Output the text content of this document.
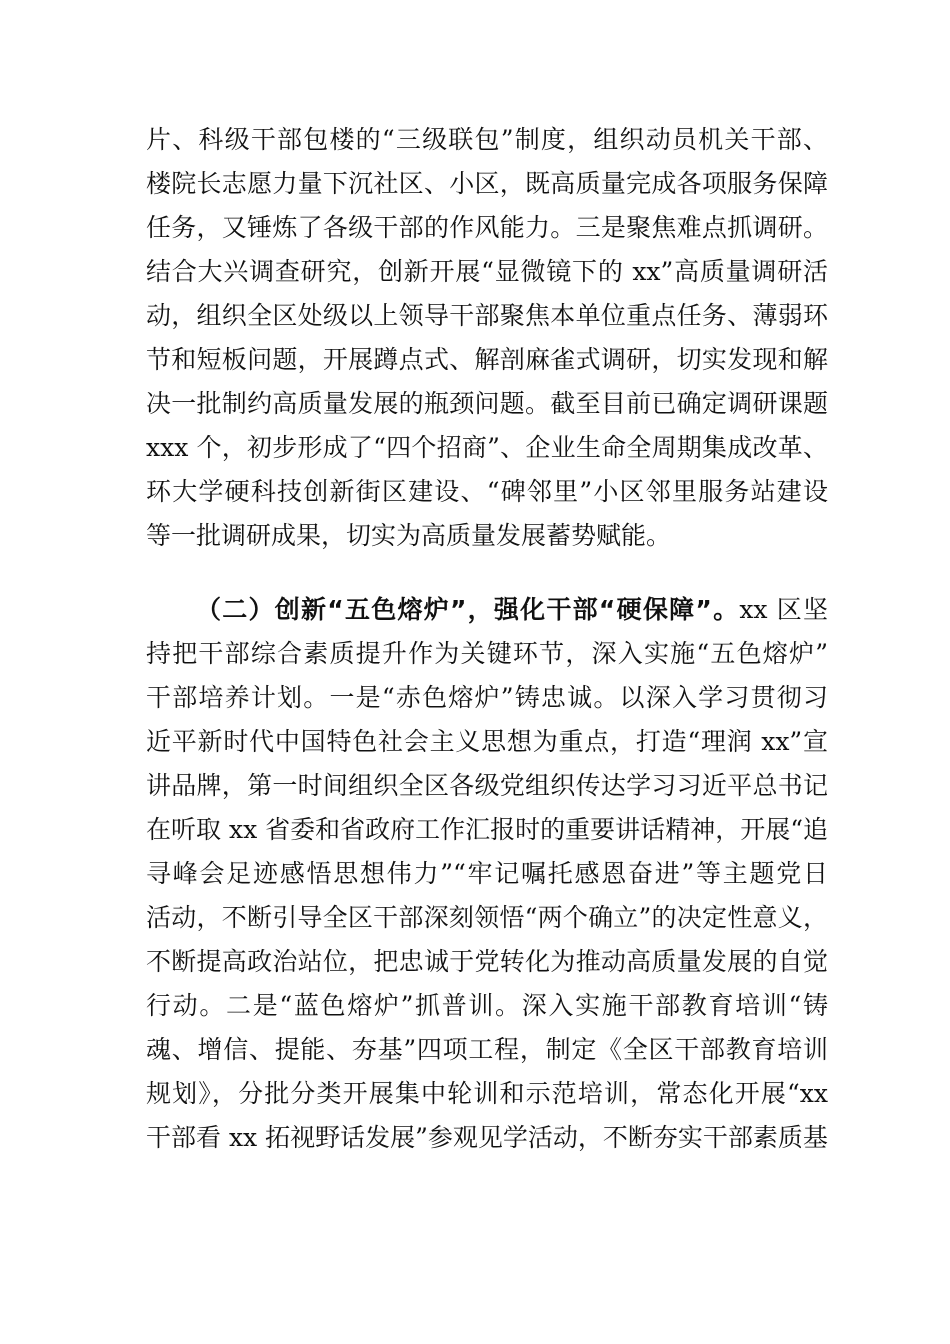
片、科级干部包楼的“三级联包”制度，组织动员机关干部、
楼院长志愿力量下沉社区、小区，既高质量完成各项服务保障
任务，又锤炼了各级干部的作风能力。三是聚焦难点抓调研。
结合大兴调查研究，创新开展“显微镜下的 xx”高质量调研活
动，组织全区处级以上领导干部聚焦本单位重点任务、薄弱环
节和短板问题，开展蹲点式、解剖麻雀式调研，切实发现和解
决一批制约高质量发展的瓶颈问题。截至目前已确定调研课题
xxx 个，初步形成了“四个招商”、企业生命全周期集成改革、
环大学硬科技创新街区建设、“碑邻里”小区邻里服务站建设
等一批调研成果，切实为高质量发展蓄势赋能。
（二）创新“五色熔炉”，强化干部“硬保障”。xx 区坚
持把干部综合素质提升作为关键环节，深入实施“五色熔炉”
干部培养计划。一是“赤色熔炉”铸忠诚。以深入学习贯彻习
近平新时代中国特色社会主义思想为重点，打造“理润 xx”宣
讲品牌，第一时间组织全区各级党组织传达学习习近平总书记
在听取 xx 省委和省政府工作汇报时的重要讲话精神，开展“追
寻峰会足迹感悟思想伟力”“牢记嘱托感恩奋进”等主题党日
活动，不断引导全区干部深刻领悟“两个确立”的决定性意义，
不断提高政治站位，把忠诚于党转化为推动高质量发展的自觉
行动。二是“蓝色熔炉”抓普训。深入实施干部教育培训“铸
魂、增信、提能、夯基”四项工程，制定《全区干部教育培训
规划》，分批分类开展集中轮训和示范培训，常态化开展“xx
干部看 xx 拓视野话发展”参观见学活动，不断夯实干部素质基
